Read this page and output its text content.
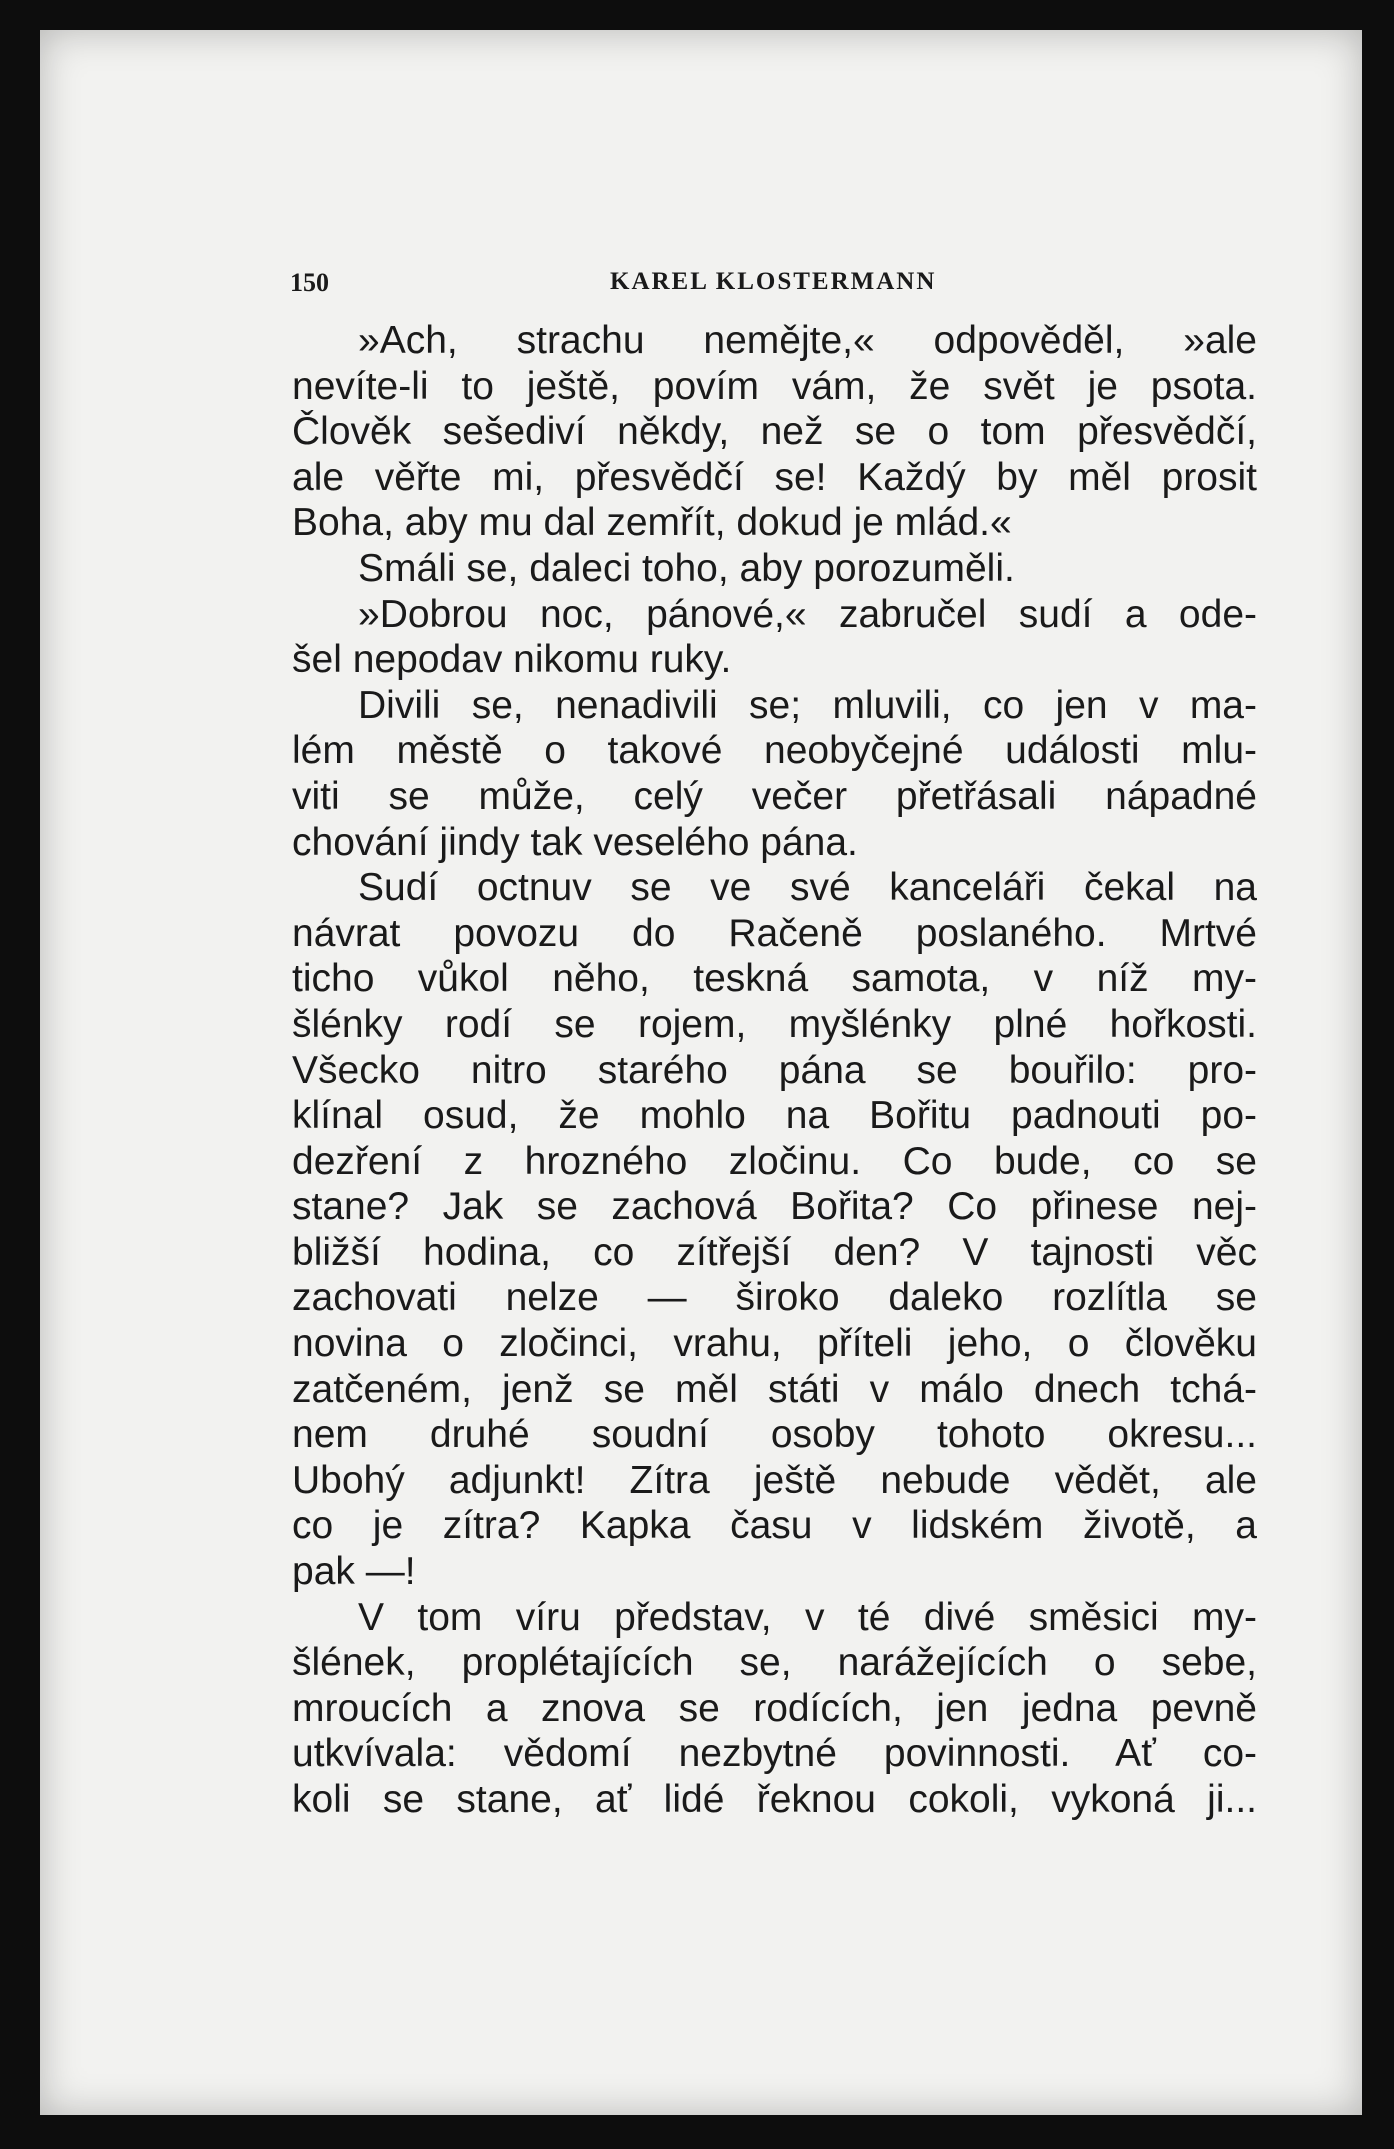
150	KAREL KLOSTERMANN
»Ach, strachu nemějte,« odpověděl, »ale
nevíte-li to ještě, povím vám, že svět je psota.
Člověk sešediví někdy, než se o tom přesvědčí,
ale věřte mi, přesvědčí se! Každý by měl prosit
Boha, aby mu dal zemřít, dokud je mlád.«
Smáli se, daleci toho, aby porozuměli.
»Dobrou noc, pánové,« zabručel sudí a ode-
šel nepodav nikomu ruky.
Divili se, nenadivili se; mluvili, co jen v ma-
lém městě o takové neobyčejné události mlu-
viti se může, celý večer přetřásali nápadné
chování jindy tak veselého pána.
Sudí octnuv se ve své kanceláři čekal na
návrat povozu do Račeně poslaného. Mrtvé
ticho vůkol něho, teskná samota, v níž my-
šlénky rodí se rojem, myšlénky plné hořkosti.
Všecko nitro starého pána se bouřilo: pro-
klínal osud, že mohlo na Bořitu padnouti po-
dezření z hrozného zločinu. Co bude, co se
stane? Jak se zachová Bořita? Co přinese nej-
bližší hodina, co zítřejší den? V tajnosti věc
zachovati nelze — široko daleko rozlítla se
novina o zločinci, vrahu, příteli jeho, o člověku
zatčeném, jenž se měl státi v málo dnech tchá-
nem druhé soudní osoby tohoto okresu...
Ubohý adjunkt! Zítra ještě nebude vědět, ale
co je zítra? Kapka času v lidském životě, a
pak —!
V tom víru představ, v té divé směsici my-
šlének, proplétajících se, narážejících o sebe,
mroucích a znova se rodících, jen jedna pevně
utkvívala: vědomí nezbytné povinnosti. Ať co-
koli se stane, ať lidé řeknou cokoli, vykoná ji...
